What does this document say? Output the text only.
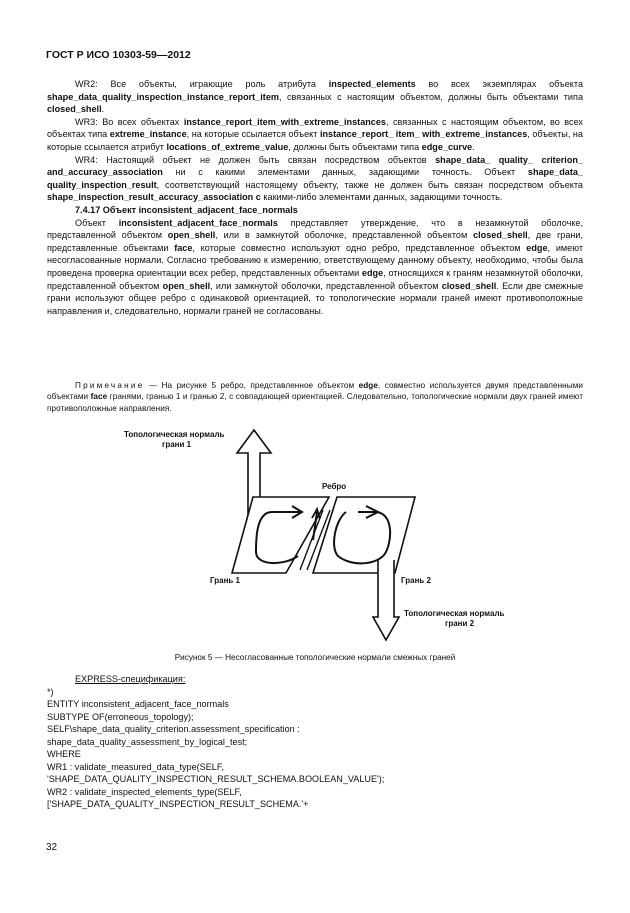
ГОСТ Р ИСО 10303-59—2012

WR2: Все объекты, играющие роль атрибута inspected_elements во всех экземплярах объекта shape_data_quality_inspection_instance_report_item, связанных с настоящим объектом, должны быть объектами типа closed_shell.

WR3: Во всех объектах instance_report_item_with_extreme_instances, связанных с настоящим объектом, во всех объектах типа extreme_instance, на которые ссылается объект instance_report_ item_ with_extreme_instances, объекты, на которые ссылается атрибут locations_of_extreme_value, должны быть объектами типа edge_curve.

WR4: Настоящий объект не должен быть связан посредством объектов shape_data_ quality_ criterion_ and_accuracy_association ни с какими элементами данных, задающими точность. Объект shape_data_ quality_inspection_result, соответствующий настоящему объекту, также не должен быть связан посредством объекта shape_inspection_result_accuracy_association с какими-либо элементами данных, задающими точность.

7.4.17 Объект inconsistent_adjacent_face_normals

Объект inconsistent_adjacent_face_normals представляет утверждение, что в незамкнутой оболочке, представленной объектом open_shell, или в замкнутой оболочке, представленной объектом closed_shell, две грани, представленные объектами face, которые совместно используют одно ребро, представленное объектом edge, имеют несогласованные нормали. Согласно требованию к измерению, ответствующему данному объекту, необходимо, чтобы была проведена проверка ориентации всех ребер, представленных объектами edge, относящихся к граням незамкнутой оболочки, представленной объектом open_shell, или замкнутой оболочки, представленной объектом closed_shell. Если две смежные грани используют общее ребро с одинаковой ориентацией, то топологические нормали граней имеют противоположные направления и, следовательно, нормали граней не согласованы.

Примечание — На рисунке 5 ребро, представленное объектом edge, совместно используется двумя представленными объектами face гранями, гранью 1 и гранью 2, с совпадающей ориентацией. Следовательно, топологические нормали двух граней имеют противоположные направления.

Топологическая нормаль
грани 1
Ребро
Грань 1	Грань 2
Топологическая нормаль
грани 2
Рисунок 5 — Несогласованные топологические нормали смежных граней
EXPRESS-спецификация:
*)
ENTITY inconsistent_adjacent_face_normals
SUBTYPE OF(erroneous_topology);
SELF\shape_data_quality_criterion.assessment_specification :
shape_data_quality_assessment_by_logical_test;
WHERE
WR1 : validate_measured_data_type(SELF,
'SHAPE_DATA_QUALITY_INSPECTION_RESULT_SCHEMA.BOOLEAN_VALUE');
WR2 : validate_inspected_elements_type(SELF,
['SHAPE_DATA_QUALITY_INSPECTION_RESULT_SCHEMA.'+
32
